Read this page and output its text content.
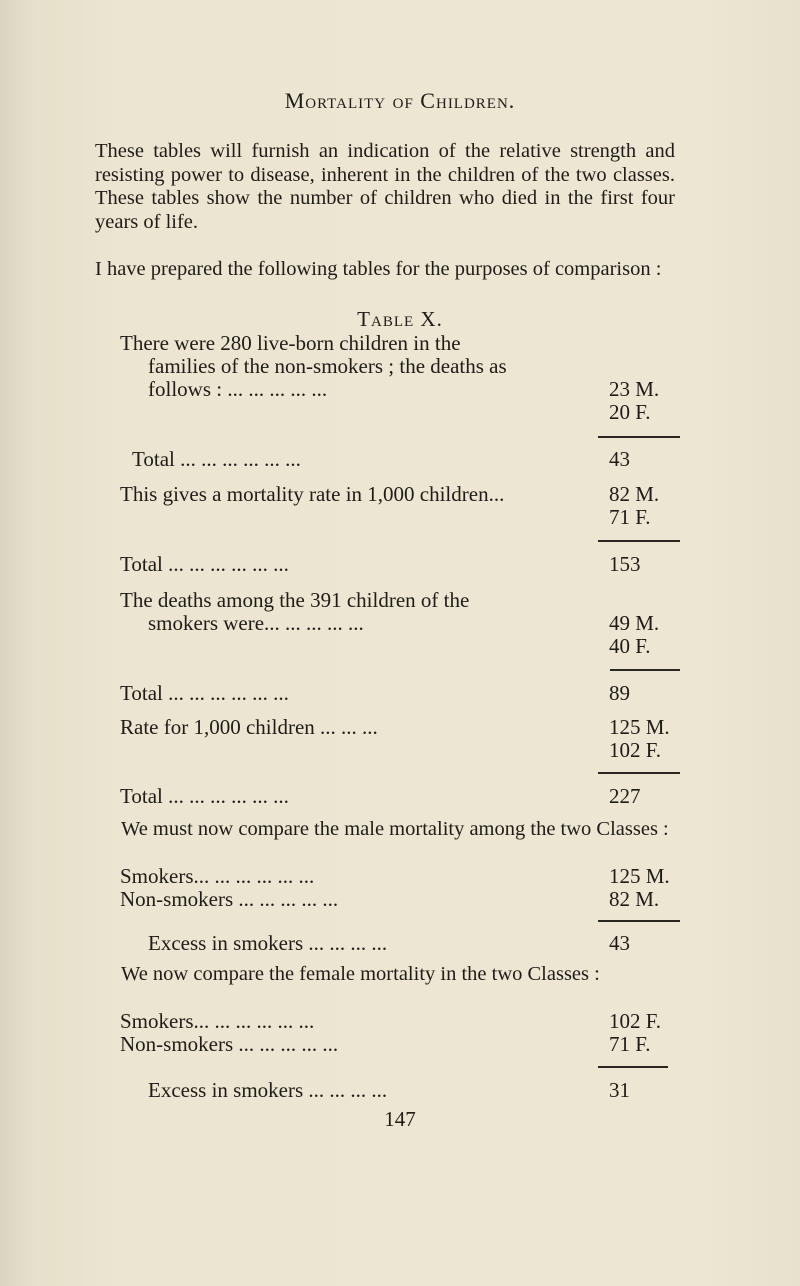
Mortality of Children.
These tables will furnish an indication of the relative strength and resisting power to disease, inherent in the children of the two classes. These tables show the number of children who died in the first four years of life.
I have prepared the following tables for the purposes of comparison :
Table X.
There were 280 live-born children in the
families of the non-smokers ; the deaths as
follows : ... ... ... ... ...	23 M.
20 F.
Total ... ... ... ... ... ...	43
This gives a mortality rate in 1,000 children...	82 M.
71 F.
Total ... ... ... ... ... ...	153
The deaths among the 391 children of the
smokers were... ... ... ... ...	49 M.
40 F.
Total ... ... ... ... ... ...	89
Rate for 1,000 children ... ... ...	125 M.
102 F.
Total ... ... ... ... ... ...	227
We must now compare the male mortality among the two Classes :
Smokers... ... ... ... ... ...	125 M.
Non-smokers ... ... ... ... ...	82 M.
Excess in smokers ... ... ... ...	43
We now compare the female mortality in the two Classes :
Smokers... ... ... ... ... ...	102 F.
Non-smokers ... ... ... ... ...	71 F.
Excess in smokers ... ... ... ...	31
147
